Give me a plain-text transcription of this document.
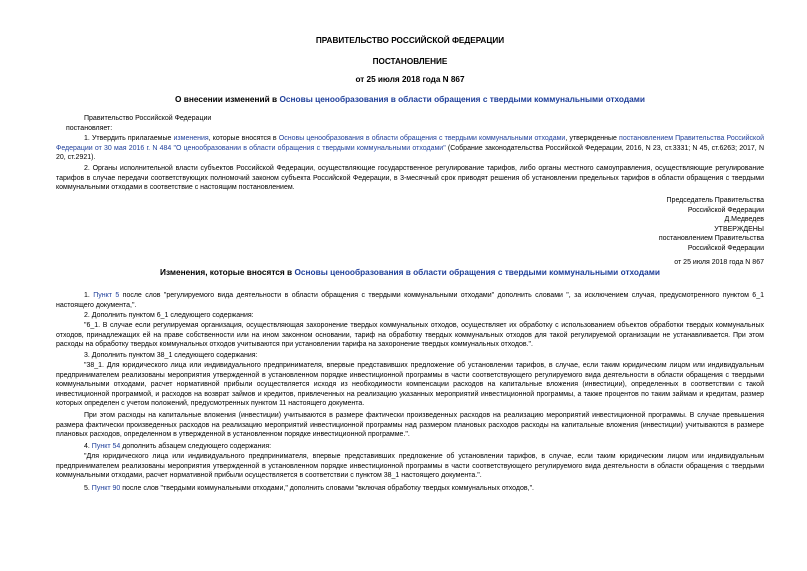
ПРАВИТЕЛЬСТВО РОССИЙСКОЙ ФЕДЕРАЦИИ
ПОСТАНОВЛЕНИЕ
от 25 июля 2018 года N 867
О внесении изменений в Основы ценообразования в области обращения с твердыми коммунальными отходами
Правительство Российской Федерации
постановляет:
1. Утвердить прилагаемые изменения, которые вносятся в Основы ценообразования в области обращения с твердыми коммунальными отходами, утвержденные постановлением Правительства Российской Федерации от 30 мая 2016 г. N 484 "О ценообразовании в области обращения с твердыми коммунальными отходами" (Собрание законодательства Российской Федерации, 2016, N 23, ст.3331; N 45, ст.6263; 2017, N 20, ст.2921).
2. Органы исполнительной власти субъектов Российской Федерации, осуществляющие государственное регулирование тарифов, либо органы местного самоуправления, осуществляющие регулирование тарифов в случае передачи соответствующих полномочий законом субъекта Российской Федерации, в 3-месячный срок приводят решения об установлении предельных тарифов в области обращения с твердыми коммунальными отходами в соответствие с настоящим постановлением.
Председатель Правительства
Российской Федерации
Д.Медведев
УТВЕРЖДЕНЫ
постановлением Правительства
Российской Федерации
Изменения, которые вносятся в Основы ценообразования в области обращения с твердыми коммунальными отходами
от 25 июля 2018 года N 867
1. Пункт 5 после слов "регулируемого вида деятельности в области обращения с твердыми коммунальными отходами" дополнить словами ", за исключением случая, предусмотренного пунктом 6_1 настоящего документа,".
2. Дополнить пунктом 6_1 следующего содержания:
"6_1. В случае если регулируемая организация, осуществляющая захоронение твердых коммунальных отходов, осуществляет их обработку с использованием объектов обработки твердых коммунальных отходов, принадлежащих ей на праве собственности или на ином законном основании, тариф на обработку твердых коммунальных отходов для такой регулируемой организации не устанавливается. При этом расходы на обработку твердых коммунальных отходов учитываются при установлении тарифа на захоронение твердых коммунальных отходов.".
3. Дополнить пунктом 38_1 следующего содержания:
"38_1. Для юридического лица или индивидуального предпринимателя, впервые представивших предложение об установлении тарифов, в случае, если таким юридическим лицом или индивидуальным предпринимателем реализованы мероприятия утвержденной в установленном порядке инвестиционной программы в части соответствующего регулируемого вида деятельности в области обращения с твердыми коммунальными отходами, расчет нормативной прибыли осуществляется исходя из необходимости компенсации расходов на капитальные вложения (инвестиции), определенных в соответствии с такой инвестиционной программой, и расходов на возврат займов и кредитов, привлеченных на реализацию указанных мероприятий инвестиционной программы, а также процентов по таким займам и кредитам, размер которых определен с учетом положений, предусмотренных пунктом 11 настоящего документа.
При этом расходы на капитальные вложения (инвестиции) учитываются в размере фактически произведенных расходов на реализацию мероприятий инвестиционной программы. В случае превышения размера фактически произведенных расходов на реализацию мероприятий инвестиционной программы над размером плановых расходов расходы на капитальные вложения (инвестиции) учитываются в размере плановых расходов, определенном в утвержденной в установленном порядке инвестиционной программе.".
4. Пункт 54 дополнить абзацем следующего содержания:
"Для юридического лица или индивидуального предпринимателя, впервые представивших предложение об установлении тарифов, в случае, если таким юридическим лицом или индивидуальным предпринимателем реализованы мероприятия утвержденной в установленном порядке инвестиционной программы в части соответствующего регулируемого вида деятельности в области обращения с твердыми коммунальными отходами, расчет нормативной прибыли осуществляется в соответствии с пунктом 38_1 настоящего документа.".
5. Пункт 90 после слов "твердыми коммунальными отходами," дополнить словами "включая обработку твердых коммунальных отходов,".
